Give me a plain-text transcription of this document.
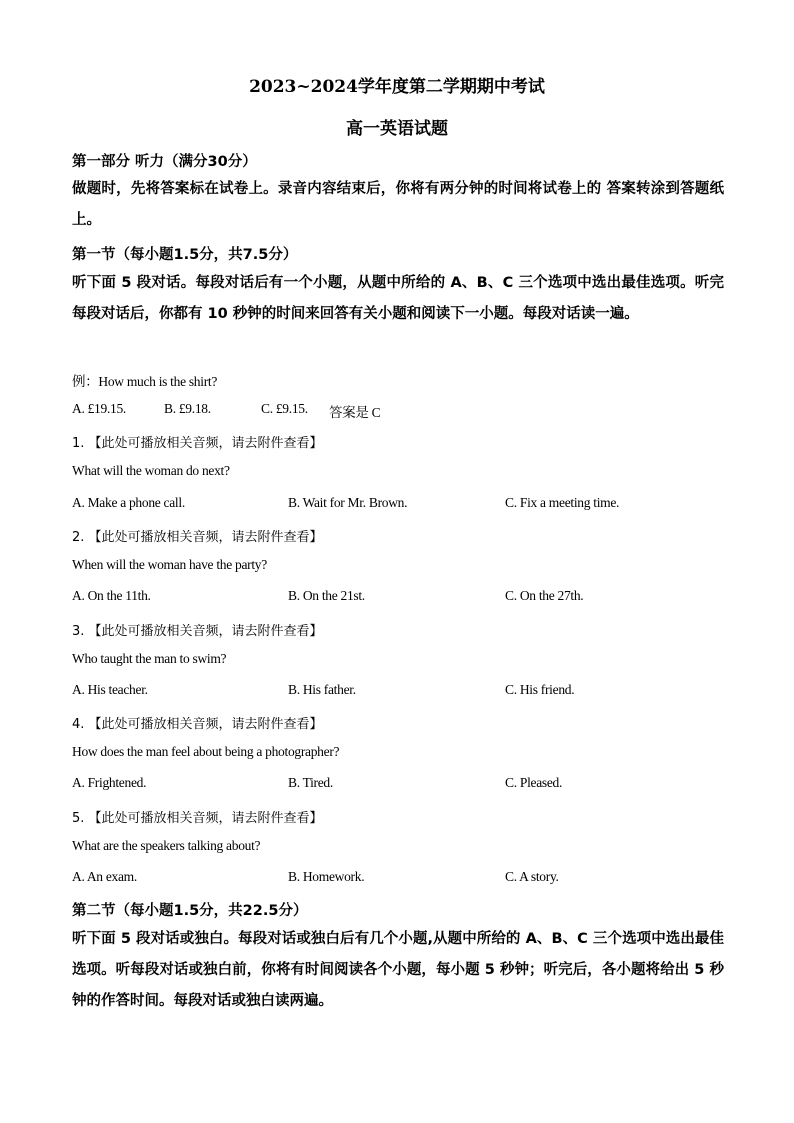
2023~2024学年度第二学期期中考试
高一英语试题
第一部分 听力（满分30分）
做题时，先将答案标在试卷上。录音内容结束后，你将有两分钟的时间将试卷上的 答案转涂到答题纸上。
第一节（每小题1.5分，共7.5分）
听下面 5 段对话。每段对话后有一个小题，从题中所给的 A、B、C 三个选项中选出最佳选项。听完每段对话后，你都有 10 秒钟的时间来回答有关小题和阅读下一小题。每段对话读一遍。
例：How much is the shirt?
A. £19.15.	B. £9.18.	C. £9.15. 答案是 C
1. 【此处可播放相关音频，请去附件查看】
What will the woman do next?
A. Make a phone call.	B. Wait for Mr. Brown.	C. Fix a meeting time.
2. 【此处可播放相关音频，请去附件查看】
When will the woman have the party?
A. On the 11th.	B. On the 21st.	C. On the 27th.
3. 【此处可播放相关音频，请去附件查看】
Who taught the man to swim?
A. His teacher.	B. His father.	C. His friend.
4. 【此处可播放相关音频，请去附件查看】
How does the man feel about being a photographer?
A. Frightened.	B. Tired.	C. Pleased.
5. 【此处可播放相关音频，请去附件查看】
What are the speakers talking about?
A. An exam.	B. Homework.	C. A story.
第二节（每小题1.5分，共22.5分）
听下面 5 段对话或独白。每段对话或独白后有几个小题,从题中所给的 A、B、C 三个选项中选出最佳选项。听每段对话或独白前，你将有时间阅读各个小题，每小题 5 秒钟；听完后，各小题将给出 5 秒钟的作答时间。每段对话或独白读两遍。
